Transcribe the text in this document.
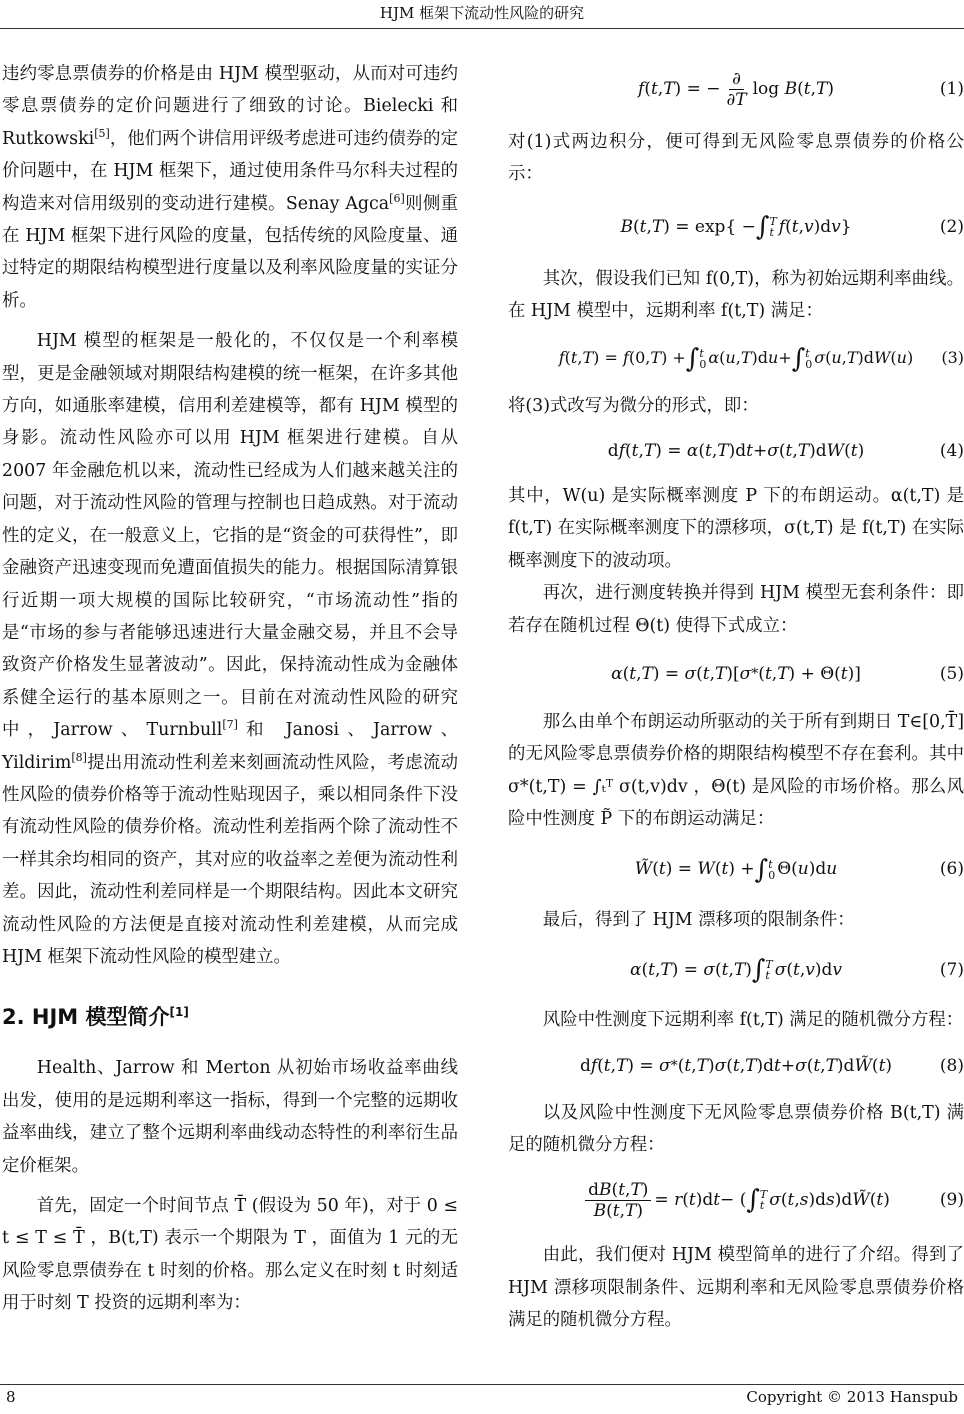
HJM 框架下流动性风险的研究

违约零息票债券的价格是由 HJM 模型驱动，从而对可违约零息票债券的定价问题进行了细致的讨论。Bielecki 和 Rutkowski[5]，他们两个讲信用评级考虑进可违约债券的定价问题中，在 HJM 框架下，通过使用条件马尔科夫过程的构造来对信用级别的变动进行建模。Senay Agca[6]则侧重在 HJM 框架下进行风险的度量，包括传统的风险度量、通过特定的期限结构模型进行度量以及利率风险度量的实证分析。

HJM 模型的框架是一般化的，不仅仅是一个利率模型，更是金融领域对期限结构建模的统一框架，在许多其他方向，如通胀率建模，信用利差建模等，都有 HJM 模型的身影。流动性风险亦可以用 HJM 框架进行建模。自从 2007 年金融危机以来，流动性已经成为人们越来越关注的问题，对于流动性风险的管理与控制也日趋成熟。对于流动性的定义，在一般意义上，它指的是“资金的可获得性”，即金融资产迅速变现而免遭面值损失的能力。根据国际清算银行近期一项大规模的国际比较研究，“市场流动性”指的是“市场的参与者能够迅速进行大量金融交易，并且不会导致资产价格发生显著波动”。因此，保持流动性成为金融体系健全运行的基本原则之一。目前在对流动性风险的研究中，Jarrow、Turnbull[7]和 Janosi、Jarrow、Yildirim[8]提出用流动性利差来刻画流动性风险，考虑流动性风险的债券价格等于流动性贴现因子，乘以相同条件下没有流动性风险的债券价格。流动性利差指两个除了流动性不一样其余均相同的资产，其对应的收益率之差便为流动性利差。因此，流动性利差同样是一个期限结构。因此本文研究流动性风险的方法便是直接对流动性利差建模，从而完成 HJM 框架下流动性风险的模型建立。

2. HJM 模型简介[1]

Health、Jarrow 和 Merton 从初始市场收益率曲线出发，使用的是远期利率这一指标，得到一个完整的远期收益率曲线，建立了整个远期利率曲线动态特性的利率衍生品定价框架。

首先，固定一个时间节点 T̄ (假设为 50 年)，对于 0 ≤ t ≤ T ≤ T̄ ，B(t,T) 表示一个期限为 T ，面值为 1 元的无风险零息票债券在 t 时刻的价格。那么定义在时刻 t 时刻适用于时刻 T 投资的远期利率为：

f ( t , T ) = − $\frac{\partial}{\partial T}$ log B ( t , T )	(1)

对(1)式两边积分，便可得到无风险零息票债券的价格公示：

B ( t , T ) = exp{ − ∫ T
t f ( t , v )d v }	(2)

其次，假设我们已知 f(0,T)，称为初始远期利率曲线。在 HJM 模型中，远期利率 f(t,T) 满足：

f ( t , T ) = f (0, T ) + ∫ t
0 α ( u , T )d u + ∫ t
0 σ ( u , T )d W ( u ) (3)

将(3)式改写为微分的形式，即：

d f ( t , T ) = α ( t , T )d t + σ ( t , T )d W ( t )	(4)

其中，W(u) 是实际概率测度 P 下的布朗运动。α(t,T) 是 f(t,T) 在实际概率测度下的漂移项，σ(t,T) 是 f(t,T) 在实际概率测度下的波动项。

再次，进行测度转换并得到 HJM 模型无套利条件：即若存在随机过程 Θ(t) 使得下式成立：

α ( t , T ) = σ ( t , T )[ σ * ( t , T ) + Θ( t )]	(5)

那么由单个布朗运动所驱动的关于所有到期日 T∈[0,T̄] 的无风险零息票债券价格的期限结构模型不存在套利。其中 σ*(t,T) = ∫ₜᵀ σ(t,v)dv ，Θ(t) 是风险的市场价格。那么风险中性测度 P̃ 下的布朗运动满足：

W̃ ( t ) = W ( t ) + ∫ t
0 Θ( u )d u	(6)

最后，得到了 HJM 漂移项的限制条件：

α ( t , T ) = σ ( t , T ) ∫ T
t σ ( t , v )d v	(7)

风险中性测度下远期利率 f(t,T) 满足的随机微分方程：

d f ( t , T ) = σ * ( t , T ) σ ( t , T )d t + σ ( t , T )d W̃ ( t )	(8)

以及风险中性测度下无风险零息票债券价格 B(t,T) 满足的随机微分方程：

$\frac{dB(t,T)}{B(t,T)} = r$ ( t )d t − ( ∫ T
t σ ( t , s )d s )d W̃ ( t )	(9)

由此，我们便对 HJM 模型简单的进行了介绍。得到了 HJM 漂移项限制条件、远期利率和无风险零息票债券价格满足的随机微分方程。

8	Copyright © 2013 Hanspub
